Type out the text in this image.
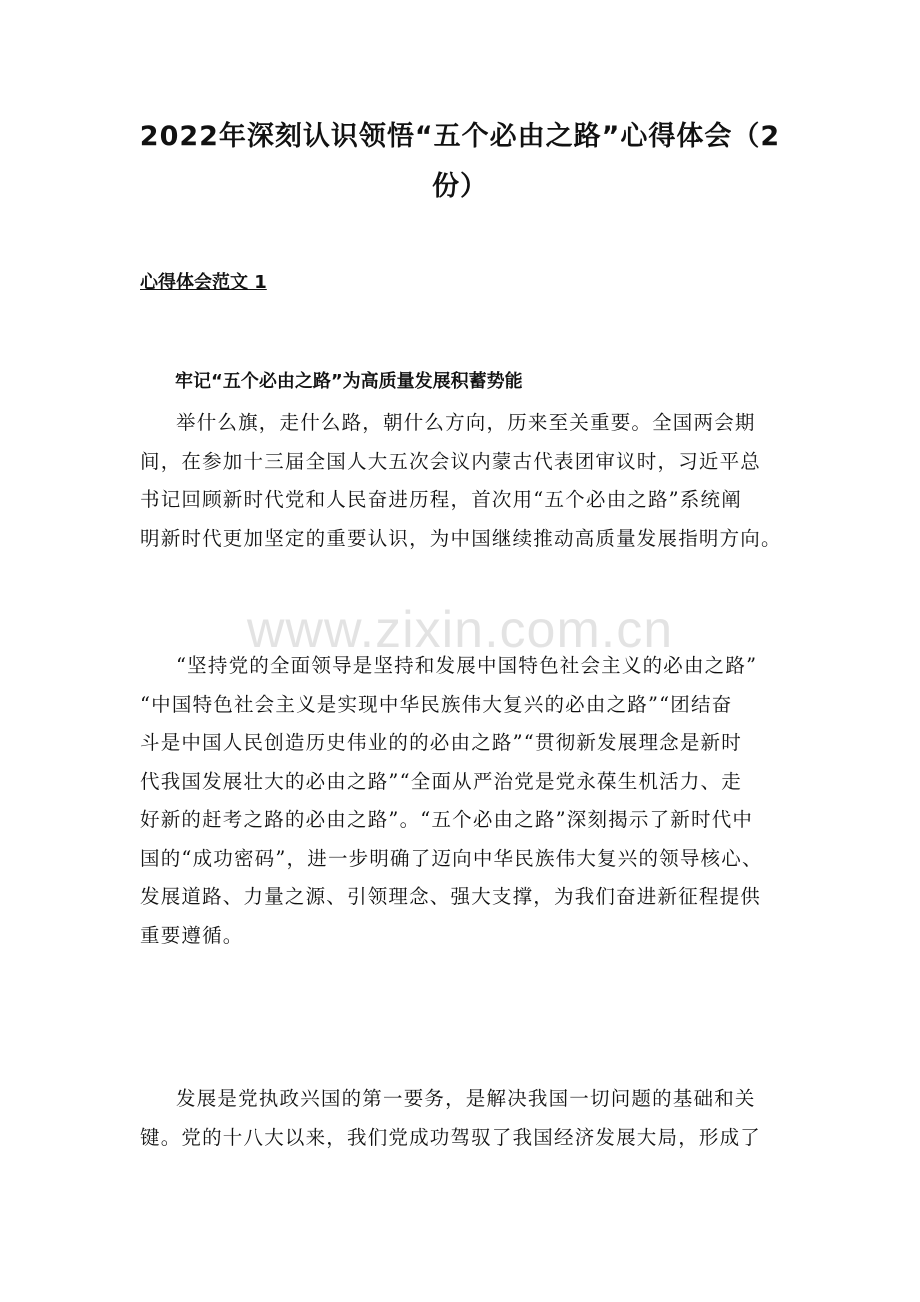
2022年深刻认识领悟“五个必由之路”心得体会（2
份）
心得体会范文 1
牢记“五个必由之路”为高质量发展积蓄势能
举什么旗，走什么路，朝什么方向，历来至关重要。全国两会期
间，在参加十三届全国人大五次会议内蒙古代表团审议时，习近平总
书记回顾新时代党和人民奋进历程，首次用“五个必由之路”系统阐
明新时代更加坚定的重要认识，为中国继续推动高质量发展指明方向。
www.zixin.com.cn
“坚持党的全面领导是坚持和发展中国特色社会主义的必由之路”
“中国特色社会主义是实现中华民族伟大复兴的必由之路”“团结奋
斗是中国人民创造历史伟业的的必由之路”“贯彻新发展理念是新时
代我国发展壮大的必由之路”“全面从严治党是党永葆生机活力、走
好新的赶考之路的必由之路”。“五个必由之路”深刻揭示了新时代中
国的“成功密码”，进一步明确了迈向中华民族伟大复兴的领导核心、
发展道路、力量之源、引领理念、强大支撑，为我们奋进新征程提供
重要遵循。
发展是党执政兴国的第一要务，是解决我国一切问题的基础和关
键。党的十八大以来，我们党成功驾驭了我国经济发展大局，形成了
